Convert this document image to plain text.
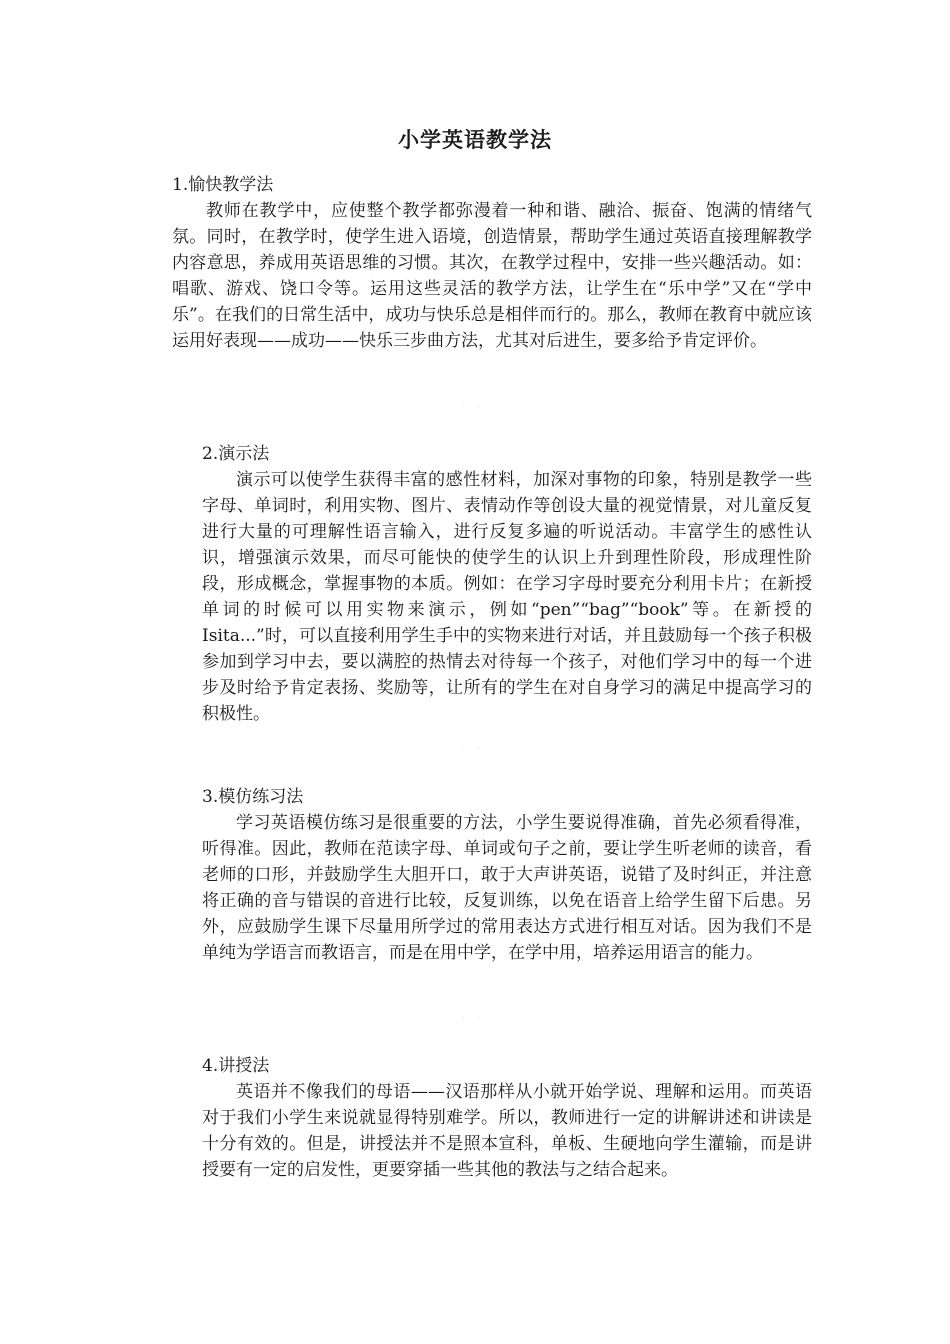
小学英语教学法

1.愉快教学法

教师在教学中，应使整个教学都弥漫着一种和谐、融洽、振奋、饱满的情绪气氛。同时，在教学时，使学生进入语境，创造情景，帮助学生通过英语直接理解教学内容意思，养成用英语思维的习惯。其次，在教学过程中，安排一些兴趣活动。如：唱歌、游戏、饶口令等。运用这些灵活的教学方法，让学生在“乐中学”又在“学中乐”。在我们的日常生活中，成功与快乐总是相伴而行的。那么，教师在教育中就应该运用好表现——成功——快乐三步曲方法，尤其对后进生，要多给予肯定评价。

· ·

2.演示法

演示可以使学生获得丰富的感性材料，加深对事物的印象，特别是教学一些字母、单词时，利用实物、图片、表情动作等创设大量的视觉情景，对儿童反复进行大量的可理解性语言输入，进行反复多遍的听说活动。丰富学生的感性认识，增强演示效果，而尽可能快的使学生的认识上升到理性阶段，形成理性阶段，形成概念，掌握事物的本质。例如：在学习字母时要充分利用卡片；在新授单词的时候可以用实物来演示，例如“pen”“bag”“book”等。在新授的Isita...”时，可以直接利用学生手中的实物来进行对话，并且鼓励每一个孩子积极参加到学习中去，要以满腔的热情去对待每一个孩子，对他们学习中的每一个进步及时给予肯定表扬、奖励等，让所有的学生在对自身学习的满足中提高学习的积极性。

· ·

3.模仿练习法

学习英语模仿练习是很重要的方法，小学生要说得准确，首先必须看得准，听得准。因此，教师在范读字母、单词或句子之前，要让学生听老师的读音，看老师的口形，并鼓励学生大胆开口，敢于大声讲英语，说错了及时纠正，并注意将正确的音与错误的音进行比较，反复训练，以免在语音上给学生留下后患。另外，应鼓励学生课下尽量用所学过的常用表达方式进行相互对话。因为我们不是单纯为学语言而教语言，而是在用中学，在学中用，培养运用语言的能力。

· ·

4.讲授法

英语并不像我们的母语——汉语那样从小就开始学说、理解和运用。而英语对于我们小学生来说就显得特别难学。所以，教师进行一定的讲解讲述和讲读是十分有效的。但是，讲授法并不是照本宣科，单板、生硬地向学生灌输，而是讲授要有一定的启发性，更要穿插一些其他的教法与之结合起来。
